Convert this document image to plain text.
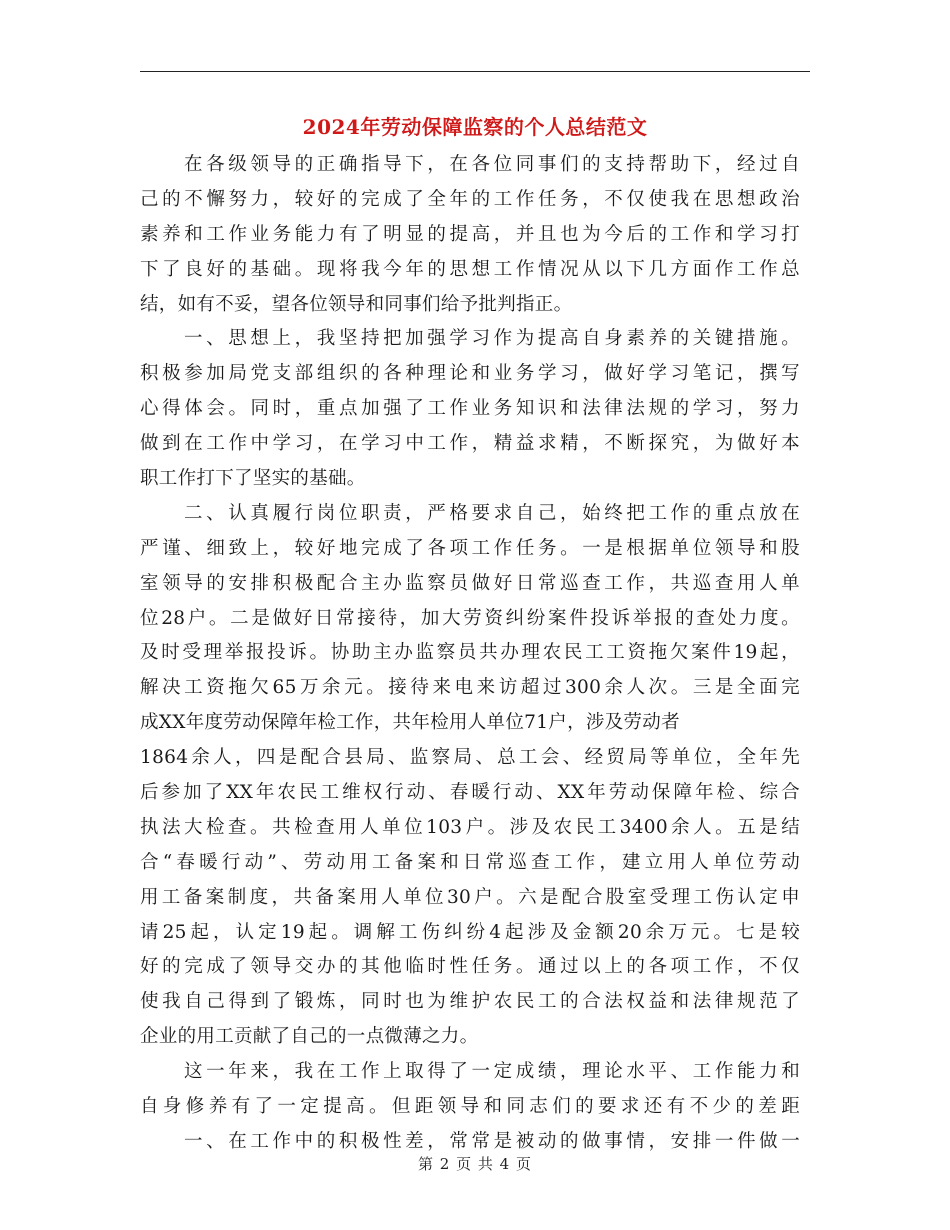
2024年劳动保障监察的个人总结范文
在各级领导的正确指导下，在各位同事们的支持帮助下，经过自
己的不懈努力，较好的完成了全年的工作任务，不仅使我在思想政治
素养和工作业务能力有了明显的提高，并且也为今后的工作和学习打
下了良好的基础。现将我今年的思想工作情况从以下几方面作工作总
结，如有不妥，望各位领导和同事们给予批判指正。
一、思想上，我坚持把加强学习作为提高自身素养的关键措施。
积极参加局党支部组织的各种理论和业务学习，做好学习笔记，撰写
心得体会。同时，重点加强了工作业务知识和法律法规的学习，努力
做到在工作中学习，在学习中工作，精益求精，不断探究，为做好本
职工作打下了坚实的基础。
二、认真履行岗位职责，严格要求自己，始终把工作的重点放在
严谨、细致上，较好地完成了各项工作任务。一是根据单位领导和股
室领导的安排积极配合主办监察员做好日常巡查工作，共巡查用人单
位28户。二是做好日常接待，加大劳资纠纷案件投诉举报的查处力度。
及时受理举报投诉。协助主办监察员共办理农民工工资拖欠案件19起，
解决工资拖欠65万余元。接待来电来访超过300余人次。三是全面完
成XX年度劳动保障年检工作，共年检用人单位71户，涉及劳动者
1864余人，四是配合县局、监察局、总工会、经贸局等单位，全年先
后参加了XX年农民工维权行动、春暖行动、XX年劳动保障年检、综合
执法大检查。共检查用人单位103户。涉及农民工3400余人。五是结
合“春暖行动”、劳动用工备案和日常巡查工作，建立用人单位劳动
用工备案制度，共备案用人单位30户。六是配合股室受理工伤认定申
请25起，认定19起。调解工伤纠纷4起涉及金额20余万元。七是较
好的完成了领导交办的其他临时性任务。通过以上的各项工作，不仅
使我自己得到了锻炼，同时也为维护农民工的合法权益和法律规范了
企业的用工贡献了自己的一点微薄之力。
这一年来，我在工作上取得了一定成绩，理论水平、工作能力和
自身修养有了一定提高。但距领导和同志们的要求还有不少的差距
一、在工作中的积极性差，常常是被动的做事情，安排一件做一
第 2 页 共 4 页
